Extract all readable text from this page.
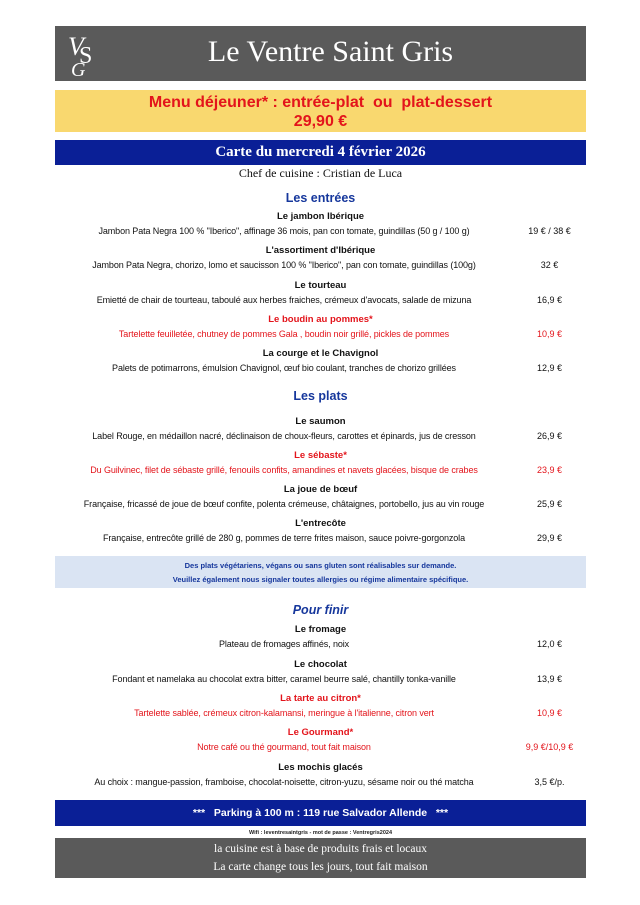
V
S
G
Le Ventre Saint Gris
Menu déjeuner* : entrée-plat  ou  plat-dessert
29,90 €
Carte du mercredi 4 février 2026
Chef de cuisine : Cristian de Luca
Les entrées
Le jambon Ibérique
Jambon Pata Negra 100 % "Iberico", affinage 36 mois, pan con tomate, guindillas (50 g / 100 g)	19 € / 38 €
L'assortiment d'Ibérique
Jambon Pata Negra, chorizo, lomo et saucisson 100 % "Iberico", pan con tomate, guindillas (100g)	32 €
Le tourteau
Emietté de chair de tourteau, taboulé aux herbes fraiches, crémeux d'avocats, salade de mizuna	16,9 €
Le boudin au pommes*
Tartelette feuilletée, chutney de pommes Gala , boudin noir grillé, pickles de pommes	10,9 €
La courge et le Chavignol
Palets de potimarrons, émulsion Chavignol, œuf bio coulant, tranches de chorizo grillées	12,9 €
Les plats
Le saumon
Label Rouge, en médaillon nacré, déclinaison de choux-fleurs, carottes et épinards, jus de cresson	26,9 €
Le sébaste*
Du Guilvinec, filet de sébaste grillé, fenouils confits, amandines et navets glacées, bisque de crabes	23,9 €
La joue de bœuf
Française, fricassé de joue de bœuf confite, polenta crémeuse, châtaignes, portobello, jus au vin rouge	25,9 €
L'entrecôte
Française, entrecôte grillé de 280 g, pommes de terre frites maison, sauce poivre-gorgonzola	29,9 €
Des plats végétariens, végans ou sans gluten sont réalisables sur demande.
Veuillez également nous signaler toutes allergies ou régime alimentaire spécifique.
Pour finir
Le fromage
Plateau de fromages affinés, noix	12,0 €
Le chocolat
Fondant et namelaka au chocolat extra bitter, caramel beurre salé, chantilly tonka-vanille	13,9 €
La tarte au citron*
Tartelette sablée, crémeux citron-kalamansi, meringue à l'italienne, citron vert	10,9 €
Le Gourmand*
Notre café ou thé gourmand, tout fait maison	9,9 €/10,9 €
Les mochis glacés
Au choix : mangue-passion, framboise, chocolat-noisette, citron-yuzu, sésame noir ou thé matcha	3,5 €/p.
***   Parking à 100 m : 119 rue Salvador Allende   ***
Wifi : leventresaintgris - mot de passe : Ventregris2024
la cuisine est à base de produits frais et locaux
La carte change tous les jours, tout fait maison
